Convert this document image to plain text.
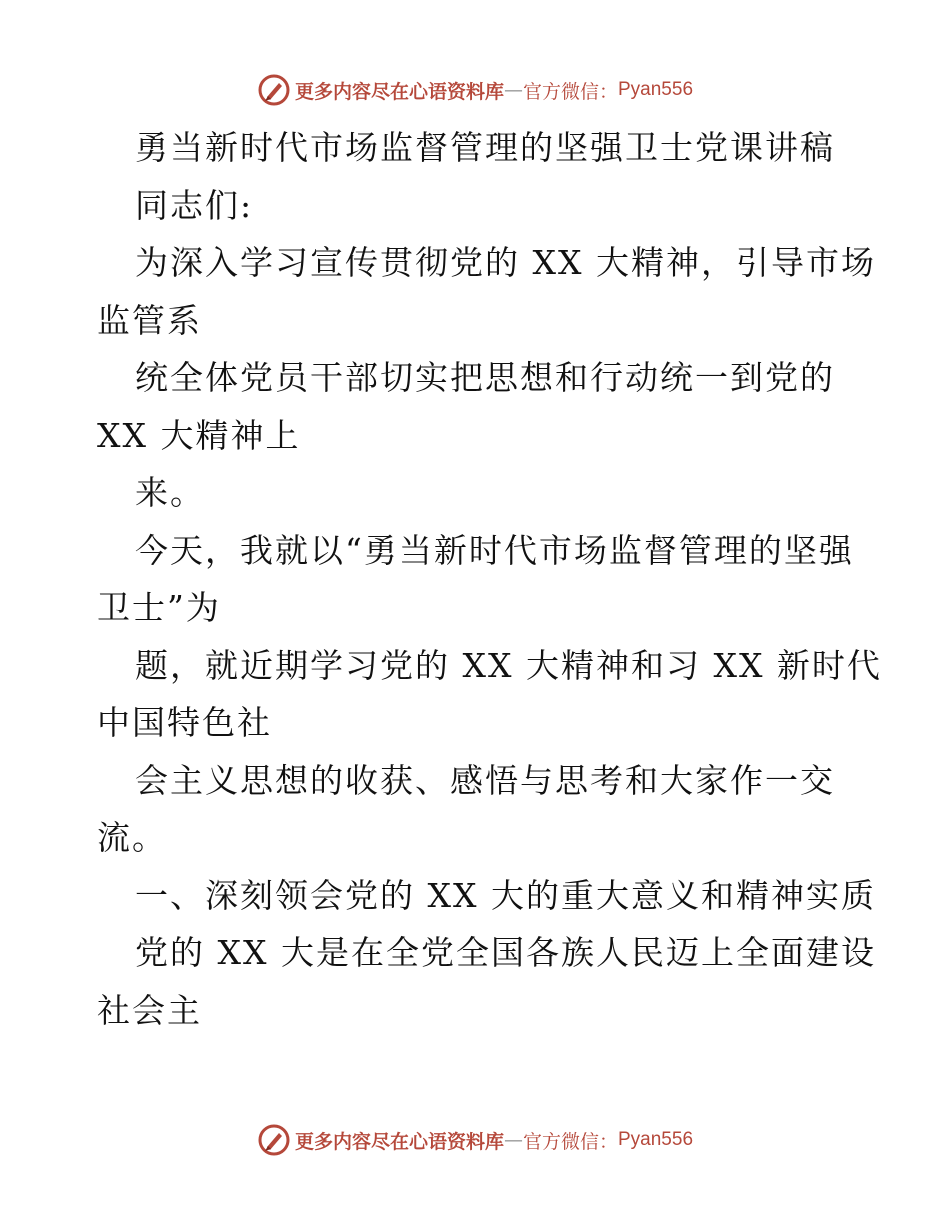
更多内容尽在心语资料库 — 官方微信： Pyan556
勇当新时代市场监督管理的坚强卫士党课讲稿
同志们:
为深入学习宣传贯彻党的 XX 大精神，引导市场
监管系
统全体党员干部切实把思想和行动统一到党的
XX 大精神上
来。
今天，我就以“勇当新时代市场监督管理的坚强
卫士”为
题，就近期学习党的 XX 大精神和习 XX 新时代
中国特色社
会主义思想的收获、感悟与思考和大家作一交
流。
一、深刻领会党的 XX 大的重大意义和精神实质
党的 XX 大是在全党全国各族人民迈上全面建设
社会主
更多内容尽在心语资料库 — 官方微信： Pyan556
